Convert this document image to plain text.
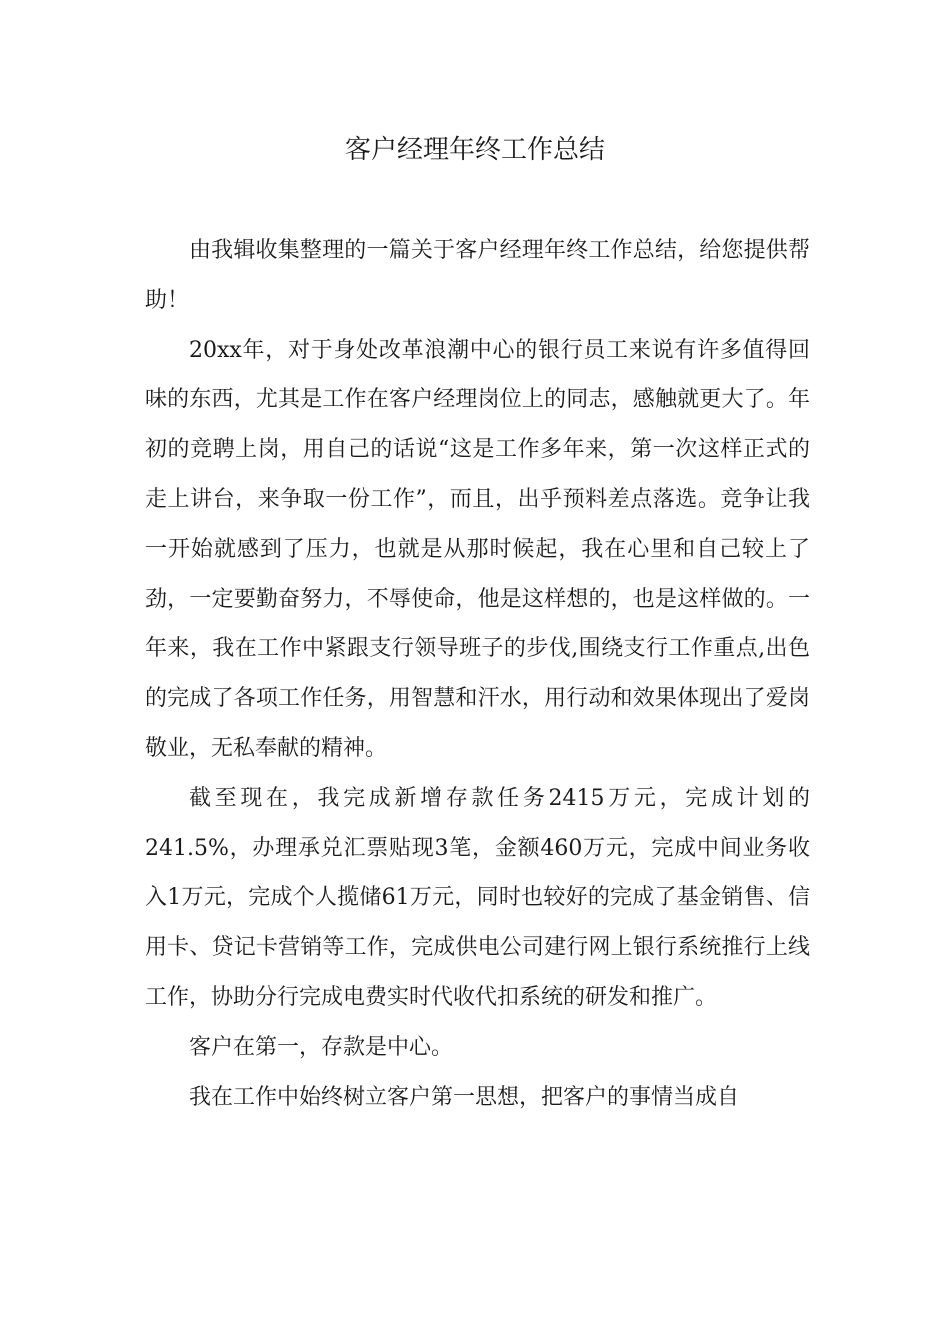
客户经理年终工作总结

由我辑收集整理的一篇关于客户经理年终工作总结，给您提供帮助！

20xx年，对于身处改革浪潮中心的银行员工来说有许多值得回味的东西，尤其是工作在客户经理岗位上的同志，感触就更大了。年初的竞聘上岗，用自己的话说“这是工作多年来，第一次这样正式的走上讲台，来争取一份工作”，而且，出乎预料差点落选。竞争让我一开始就感到了压力，也就是从那时候起，我在心里和自己较上了劲，一定要勤奋努力，不辱使命，他是这样想的，也是这样做的。一年来，我在工作中紧跟支行领导班子的步伐,围绕支行工作重点,出色的完成了各项工作任务，用智慧和汗水，用行动和效果体现出了爱岗敬业，无私奉献的精神。

截至现在，我完成新增存款任务2415万元，完成计划的241.5%，办理承兑汇票贴现3笔，金额460万元，完成中间业务收入1万元，完成个人揽储61万元，同时也较好的完成了基金销售、信用卡、贷记卡营销等工作，完成供电公司建行网上银行系统推行上线工作，协助分行完成电费实时代收代扣系统的研发和推广。

客户在第一，存款是中心。

我在工作中始终树立客户第一思想，把客户的事情当成自
